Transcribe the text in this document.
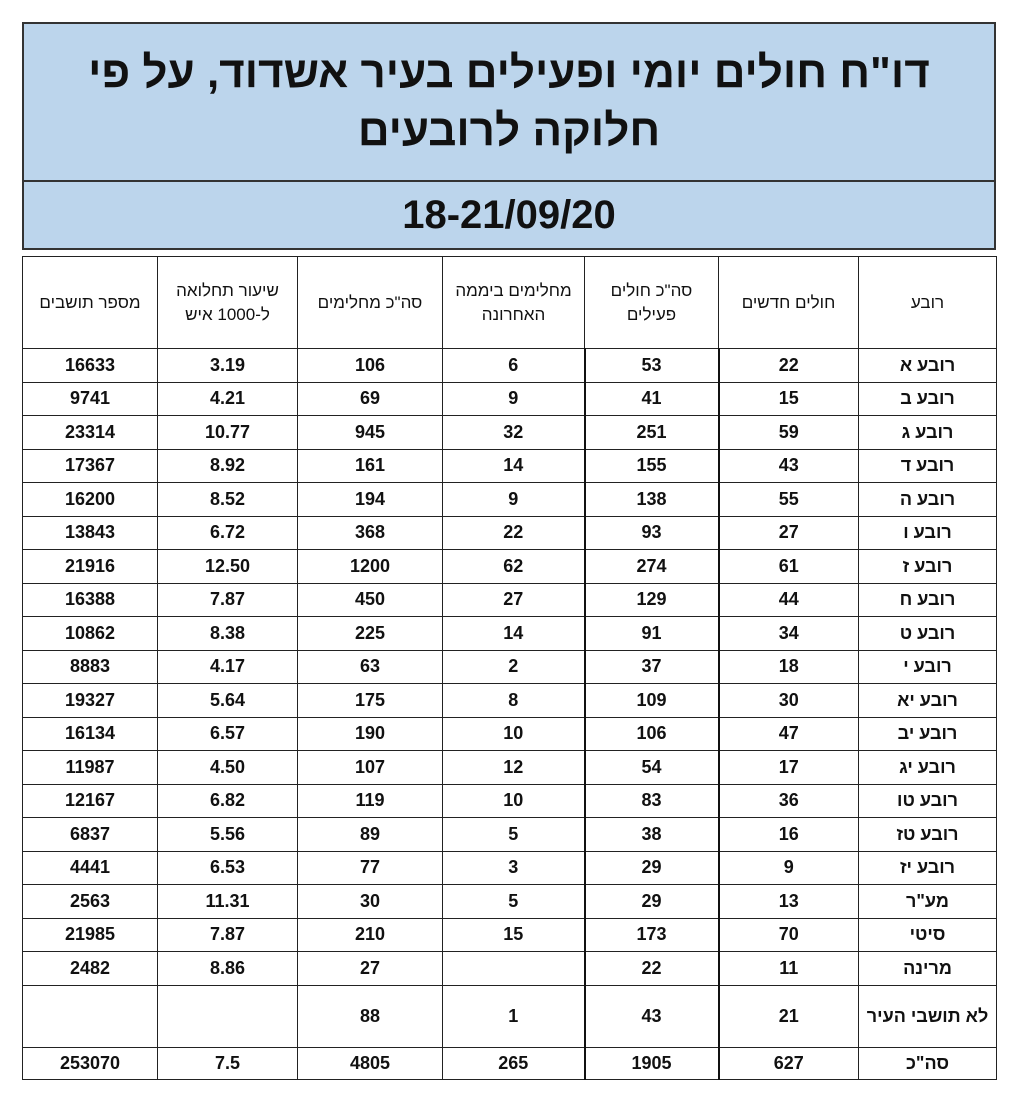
דו"ח חולים יומי ופעילים בעיר אשדוד, על פי חלוקה לרובעים
18-21/09/20
רובע	חולים חדשים	סה"כ חולים פעילים	מחלימים ביממה האחרונה	סה"כ מחלימים	שיעור תחלואה ל-1000 איש	מספר תושבים
רובע א	22	53	6	106	3.19	16633
רובע ב	15	41	9	69	4.21	9741
רובע ג	59	251	32	945	10.77	23314
רובע ד	43	155	14	161	8.92	17367
רובע ה	55	138	9	194	8.52	16200
רובע ו	27	93	22	368	6.72	13843
רובע ז	61	274	62	1200	12.50	21916
רובע ח	44	129	27	450	7.87	16388
רובע ט	34	91	14	225	8.38	10862
רובע י	18	37	2	63	4.17	8883
רובע יא	30	109	8	175	5.64	19327
רובע יב	47	106	10	190	6.57	16134
רובע יג	17	54	12	107	4.50	11987
רובע טו	36	83	10	119	6.82	12167
רובע טז	16	38	5	89	5.56	6837
רובע יז	9	29	3	77	6.53	4441
מע"ר	13	29	5	30	11.31	2563
סיטי	70	173	15	210	7.87	21985
מרינה	11	22		27	8.86	2482
לא תושבי העיר	21	43	1	88		
סה"כ	627	1905	265	4805	7.5	253070
